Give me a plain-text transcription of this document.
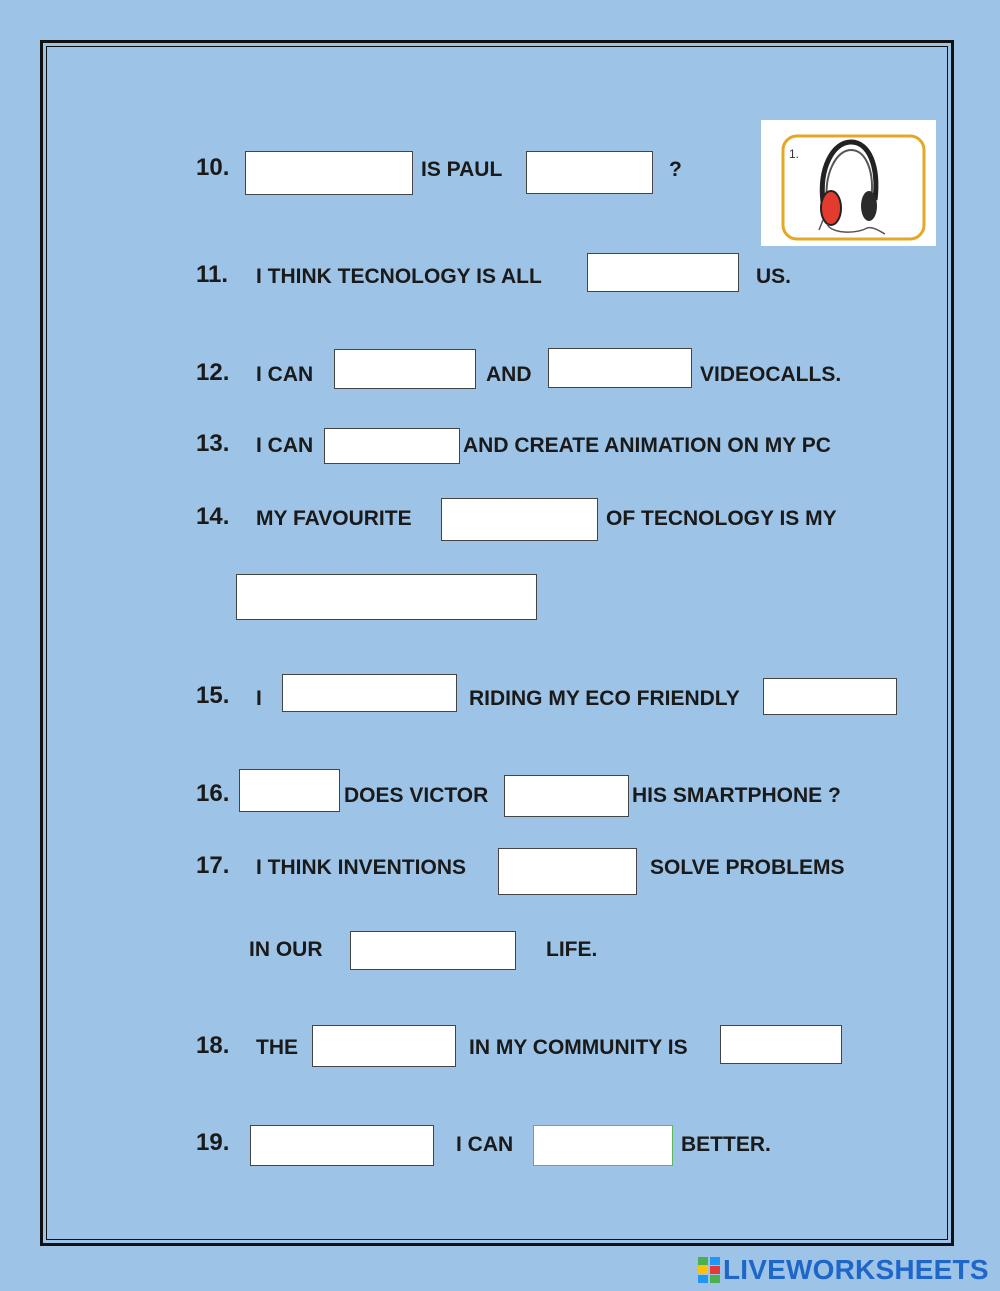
10.	IS PAUL	?
1.
11. I THINK TECNOLOGY IS ALL	US.
12. I CAN	AND	VIDEOCALLS.
13. I CAN	AND CREATE ANIMATION ON MY PC
14. MY FAVOURITE	OF TECNOLOGY IS MY
15. I	RIDING MY ECO FRIENDLY
16.	DOES VICTOR	HIS SMARTPHONE ?
17. I THINK INVENTIONS	SOLVE PROBLEMS
IN OUR	LIFE.
18. THE	IN MY COMMUNITY IS
19.	I CAN	BETTER.
LIVEWORKSHEETS
